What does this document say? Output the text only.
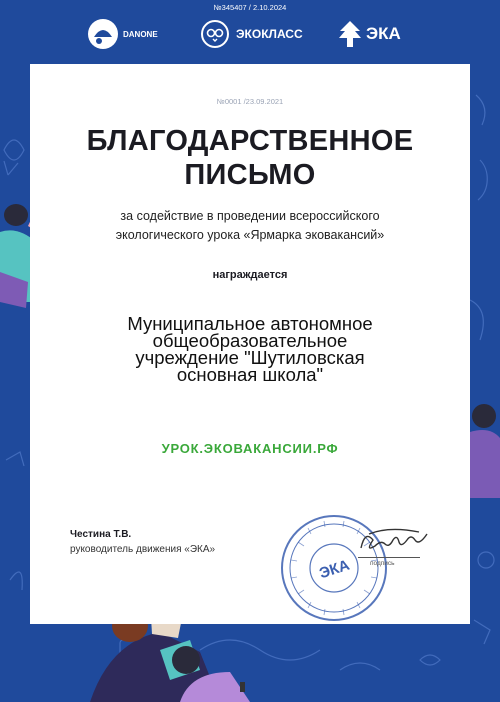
№345407 / 2.10.2024
DANONE	ЭКОКЛАСС	ЭКА
№0001 /23.09.2021
БЛАГОДАРСТВЕННОЕ
ПИСЬМО
за содействие в проведении всероссийского
экологического урока «Ярмарка эковакансий»
награждается
Муниципальное автономное
общеобразовательное
учреждение "Шутиловская
основная школа"
УРОК.ЭКОВАКАНСИИ.РФ
Честина Т.В.
руководитель движения «ЭКА»
ЭКА	подпись
